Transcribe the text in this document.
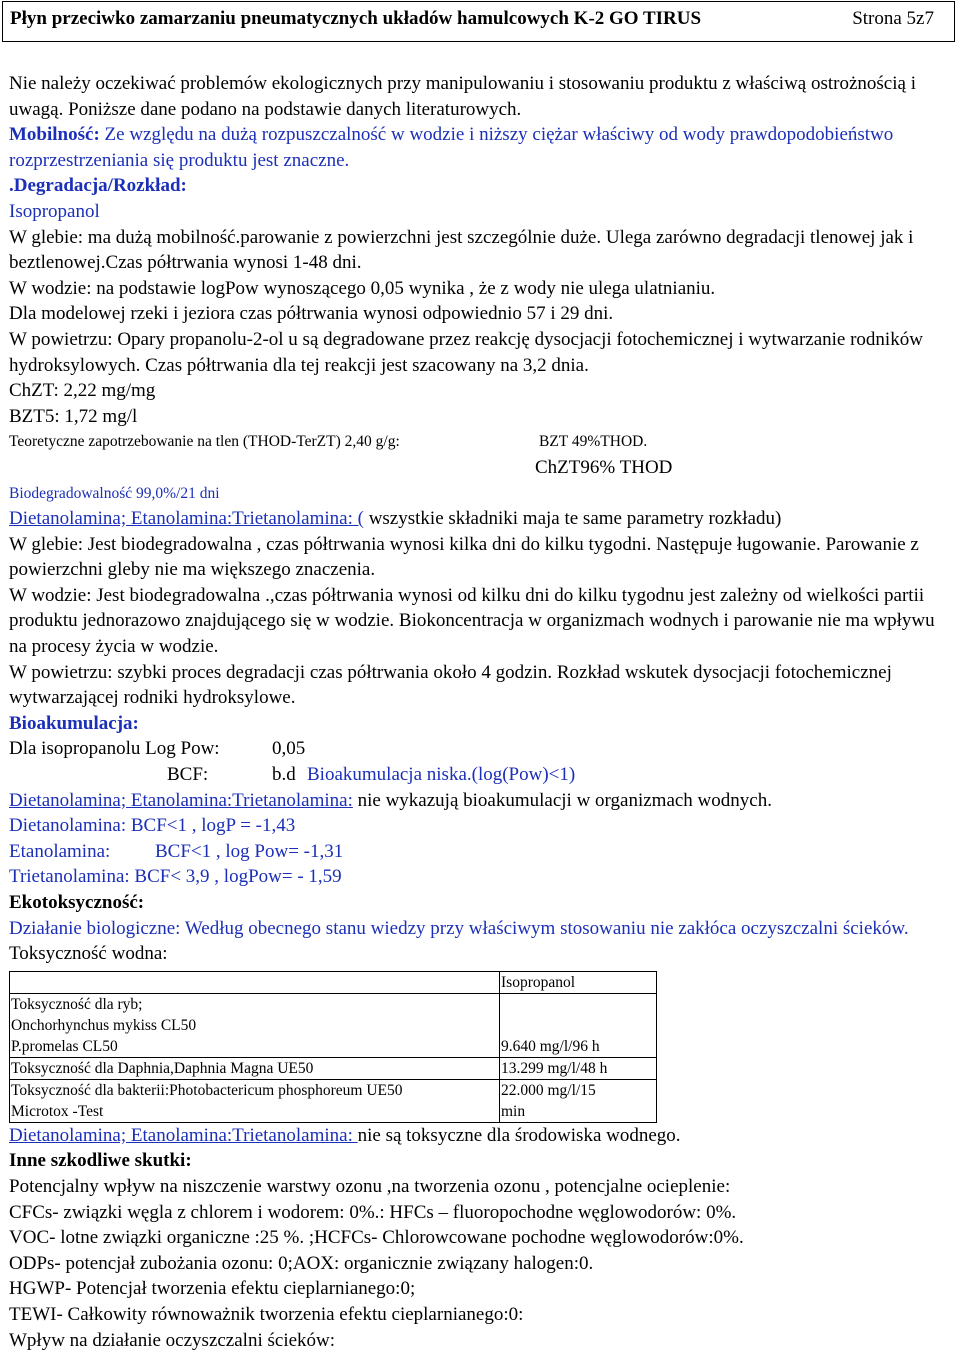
Płyn przeciwko zamarzaniu pneumatycznych układów hamulcowych K-2 GO TIRUS	Strona 5z7

Nie należy oczekiwać problemów ekologicznych przy manipulowaniu i stosowaniu produktu z właściwą ostrożnością i uwagą. Poniższe dane podano na podstawie danych literaturowych.

Mobilność: Ze względu na dużą rozpuszczalność w wodzie i niższy ciężar właściwy od wody prawdopodobieństwo rozprzestrzeniania się produktu jest znaczne.

.Degradacja/Rozkład:

Isopropanol

W glebie: ma dużą mobilność.parowanie z powierzchni jest szczególnie duże. Ulega zarówno degradacji tlenowej jak i beztlenowej.Czas półtrwania wynosi 1-48 dni.

W wodzie: na podstawie logPow wynoszącego 0,05 wynika , że z wody nie ulega ulatnianiu.

Dla modelowej rzeki i jeziora czas półtrwania wynosi odpowiednio 57 i 29 dni.

W powietrzu: Opary propanolu-2-ol u są degradowane przez reakcję dysocjacji fotochemicznej i wytwarzanie rodników hydroksylowych. Czas półtrwania dla tej reakcji jest szacowany na 3,2 dnia.

ChZT: 2,22 mg/mg

BZT5: 1,72 mg/l

Teoretyczne zapotrzebowanie na tlen (THOD-TerZT) 2,40 g/g:	BZT 49%THOD.
ChZT96% THOD

Biodegradowalność 99,0%/21 dni

Dietanolamina; Etanolamina:Trietanolamina: ( wszystkie składniki maja te same parametry rozkładu)

W glebie: Jest biodegradowalna , czas półtrwania wynosi kilka dni do kilku tygodni. Następuje ługowanie. Parowanie z powierzchni gleby nie ma większego znaczenia.

W wodzie: Jest biodegradowalna .,czas półtrwania wynosi od kilku dni do kilku tygodnu jest zależny od wielkości partii produktu jednorazowo znajdującego się w wodzie. Biokoncentracja w organizmach wodnych i parowanie nie ma wpływu na procesy życia w wodzie.

W powietrzu: szybki proces degradacji czas półtrwania około 4 godzin. Rozkład wskutek dysocjacji fotochemicznej wytwarzającej rodniki hydroksylowe.

Bioakumulacja:

Dla isopropanolu Log Pow:	0,05
BCF:	b.d Bioakumulacja niska.(log(Pow)<1)

Dietanolamina; Etanolamina:Trietanolamina: nie wykazują bioakumulacji w organizmach wodnych.

Dietanolamina: BCF<1 , logP = -1,43

Etanolamina: BCF<1 , log Pow= -1,31

Trietanolamina: BCF< 3,9 , logPow= - 1,59

Ekotoksyczność:

Działanie biologiczne: Według obecnego stanu wiedzy przy właściwym stosowaniu nie zakłóca oczyszczalni ścieków.

Toksyczność wodna:

	Isopropanol
Toksyczność dla ryb;
Onchorhynchus mykiss CL50
P.promelas CL50	9.640 mg/l/96 h
Toksyczność dla Daphnia,Daphnia Magna UE50	13.299 mg/l/48 h
Toksyczność dla bakterii:Photobactericum phosphoreum UE50
Microtox -Test	22.000 mg/l/15
min

Dietanolamina; Etanolamina:Trietanolamina: nie są toksyczne dla środowiska wodnego.

Inne szkodliwe skutki:

Potencjalny wpływ na niszczenie warstwy ozonu ,na tworzenia ozonu , potencjalne ocieplenie:

CFCs- związki węgla z chlorem i wodorem: 0%.: HFCs – fluoropochodne węglowodorów: 0%.

VOC- lotne związki organiczne :25 %. ;HCFCs- Chlorowcowane pochodne węglowodorów:0%.

ODPs- potencjał zubożania ozonu: 0;AOX: organicznie związany halogen:0.

HGWP- Potencjał tworzenia efektu cieplarnianego:0;

TEWI- Całkowity równoważnik tworzenia efektu cieplarnianego:0:

Wpływ na działanie oczyszczalni ścieków:
